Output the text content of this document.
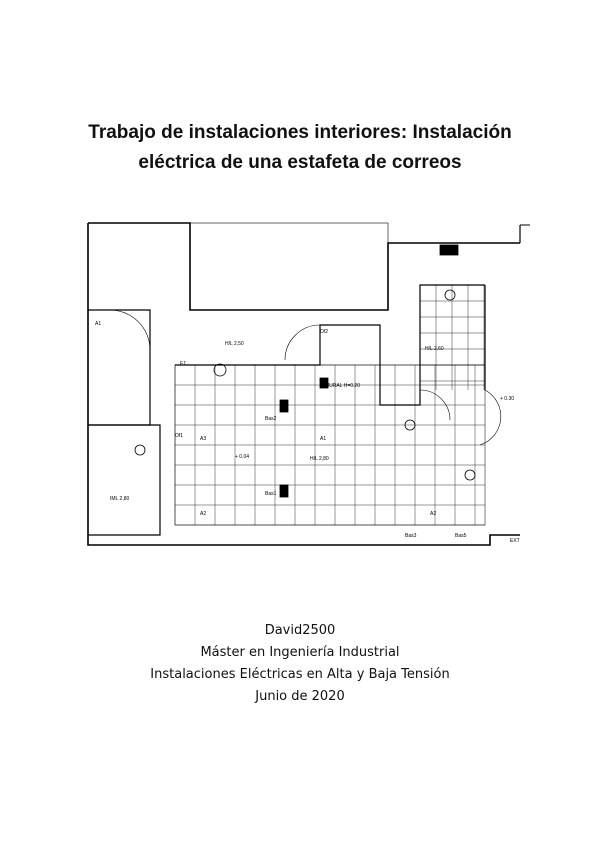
Trabajo de instalaciones interiores: Instalación
eléctrica de una estafeta de correos
A1
A3	A1
A2	A2
H/L 2,80
H/L 2,50
H/L 2,60
IML 2,80
+ 0.04
+ 0.30
EXT
MURAL H=0.20
Of1
Of2
E1
Bas2
Bas1
Bas3	Bas5
David2500
Máster en Ingeniería Industrial
Instalaciones Eléctricas en Alta y Baja Tensión
Junio de 2020
